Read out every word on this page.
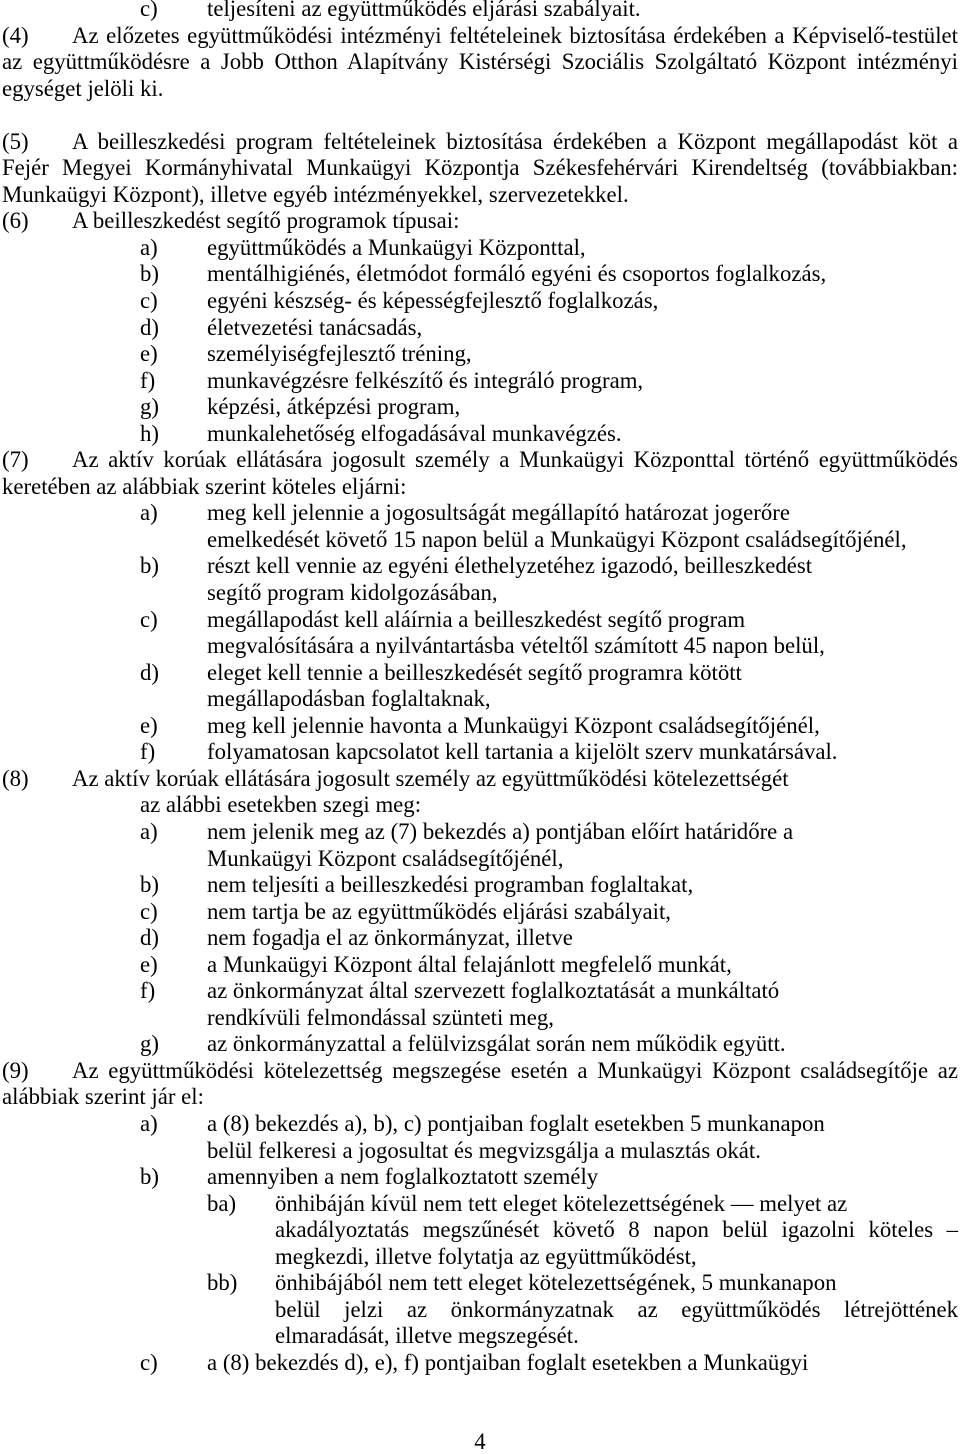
c)	teljesíteni az együttműködés eljárási szabályait.
(4)	Az előzetes együttműködési intézményi feltételeinek biztosítása érdekében a Képviselő-testület
az együttműködésre a Jobb Otthon Alapítvány Kistérségi Szociális Szolgáltató Központ intézményi
egységet jelöli ki.
(5)	A beilleszkedési program feltételeinek biztosítása érdekében a Központ megállapodást köt a
Fejér Megyei Kormányhivatal Munkaügyi Központja Székesfehérvári Kirendeltség (továbbiakban:
Munkaügyi Központ), illetve egyéb intézményekkel, szervezetekkel.
(6)	A beilleszkedést segítő programok típusai:
a)	együttműködés a Munkaügyi Központtal,
b)	mentálhigiénés, életmódot formáló egyéni és csoportos foglalkozás,
c)	egyéni készség- és képességfejlesztő foglalkozás,
d)	életvezetési tanácsadás,
e)	személyiségfejlesztő tréning,
f)	munkavégzésre felkészítő és integráló program,
g)	képzési, átképzési program,
h)	munkalehetőség elfogadásával munkavégzés.
(7)	Az aktív korúak ellátására jogosult személy a Munkaügyi Központtal történő együttműködés
keretében az alábbiak szerint köteles eljárni:
a)	meg kell jelennie a jogosultságát megállapító határozat jogerőre
emelkedését követő 15 napon belül a Munkaügyi Központ családsegítőjénél,
b)	részt kell vennie az egyéni élethelyzetéhez igazodó, beilleszkedést
segítő program kidolgozásában,
c)	megállapodást kell aláírnia a beilleszkedést segítő program
megvalósítására a nyilvántartásba vételtől számított 45 napon belül,
d)	eleget kell tennie a beilleszkedését segítő programra kötött
megállapodásban foglaltaknak,
e)	meg kell jelennie havonta a Munkaügyi Központ családsegítőjénél,
f)	folyamatosan kapcsolatot kell tartania a kijelölt szerv munkatársával.
(8)	Az aktív korúak ellátására jogosult személy az együttműködési kötelezettségét
az alábbi esetekben szegi meg:
a)	nem jelenik meg az (7) bekezdés a) pontjában előírt határidőre a
Munkaügyi Központ családsegítőjénél,
b)	nem teljesíti a beilleszkedési programban foglaltakat,
c)	nem tartja be az együttműködés eljárási szabályait,
d)	nem fogadja el az önkormányzat, illetve
e)	a Munkaügyi Központ által felajánlott megfelelő munkát,
f)	az önkormányzat által szervezett foglalkoztatását a munkáltató
rendkívüli felmondással szünteti meg,
g)	az önkormányzattal a felülvizsgálat során nem működik együtt.
(9)	Az együttműködési kötelezettség megszegése esetén a Munkaügyi Központ családsegítője az
alábbiak szerint jár el:
a)	a (8) bekezdés a), b), c) pontjaiban foglalt esetekben 5 munkanapon
belül felkeresi a jogosultat és megvizsgálja a mulasztás okát.
b)	amennyiben a nem foglalkoztatott személy
ba)	önhibáján kívül nem tett eleget kötelezettségének — melyet az
akadályoztatás megszűnését követő 8 napon belül igazolni köteles –
megkezdi, illetve folytatja az együttműködést,
bb)	önhibájából nem tett eleget kötelezettségének, 5 munkanapon
belül jelzi az önkormányzatnak az együttműködés létrejöttének
elmaradását, illetve megszegését.
c)	a (8) bekezdés d), e), f) pontjaiban foglalt esetekben a Munkaügyi
4
